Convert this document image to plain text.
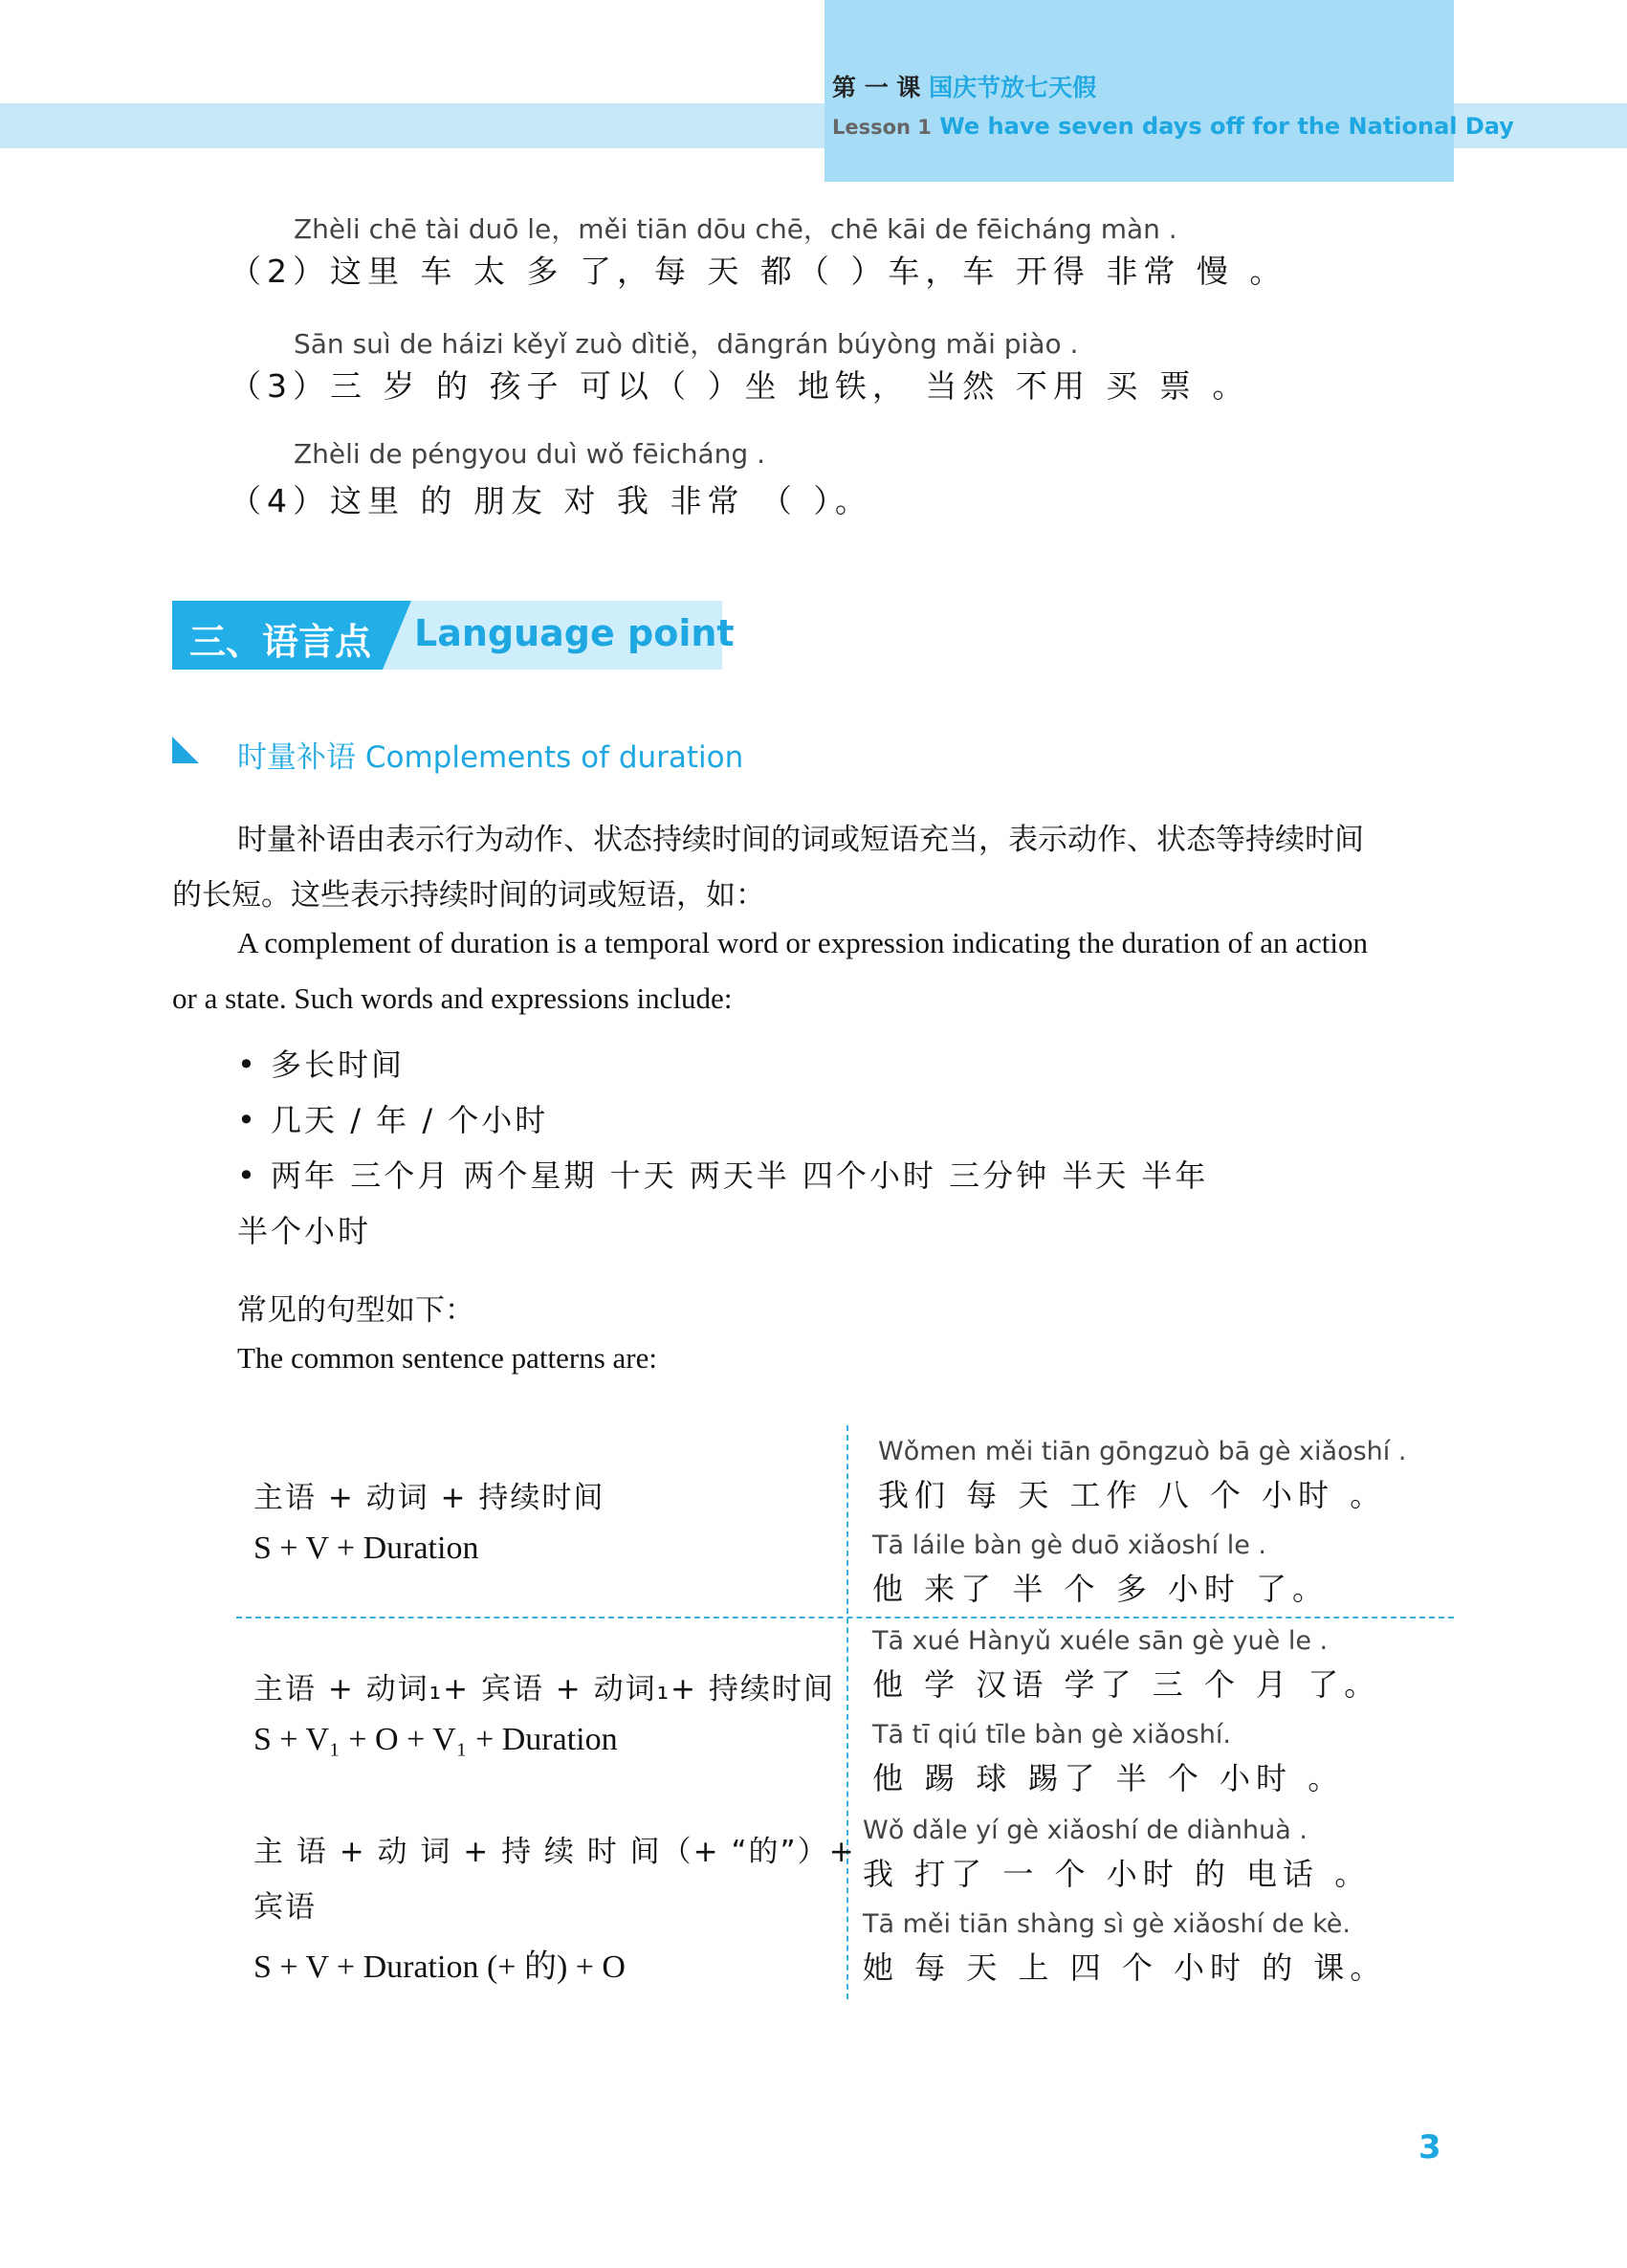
第 一 课 国庆节放七天假
Lesson 1 We have seven days off for the National Day
Zhèli chē tài duō le，měi tiān dōu chē，chē kāi de fēicháng màn .
（2）这里 车 太 多 了，每 天 都（ ）车，车 开得 非常 慢 。
Sān suì de háizi kěyǐ zuò dìtiě，dāngrán búyòng mǎi piào .
（3）三 岁 的 孩子 可以（ ）坐 地铁， 当然 不用 买 票 。
Zhèli de péngyou duì wǒ fēicháng .
（4）这里 的 朋友 对 我 非常 （ ）。
三、语言点 Language point
时量补语 Complements of duration
时量补语由表示行为动作、状态持续时间的词或短语充当，表示动作、状态等持续时间
的长短。这些表示持续时间的词或短语，如：
A complement of duration is a temporal word or expression indicating the duration of an action
or a state. Such words and expressions include:
• 多长时间
• 几天 / 年 / 个小时
• 两年 三个月 两个星期 十天 两天半 四个小时 三分钟 半天 半年
半个小时
常见的句型如下：
The common sentence patterns are:
主语 + 动词 + 持续时间
S + V + Duration
主语 + 动词₁+ 宾语 + 动词₁+ 持续时间
S + V₁ + O + V₁ + Duration
主 语 + 动 词 + 持 续 时 间（+ “的”）+
宾语
S + V + Duration (+ 的) + O
Wǒmen měi tiān gōngzuò bā gè xiǎoshí .
我们 每 天 工作 八 个 小时 。
Tā láile bàn gè duō xiǎoshí le .
他 来了 半 个 多 小时 了。
Tā xué Hànyǔ xuéle sān gè yuè le .
他 学 汉语 学了 三 个 月 了。
Tā tī qiú tīle bàn gè xiǎoshí.
他 踢 球 踢了 半 个 小时 。
Wǒ dǎle yí gè xiǎoshí de diànhuà .
我 打了 一 个 小时 的 电话 。
Tā měi tiān shàng sì gè xiǎoshí de kè.
她 每 天 上 四 个 小时 的 课。
3
